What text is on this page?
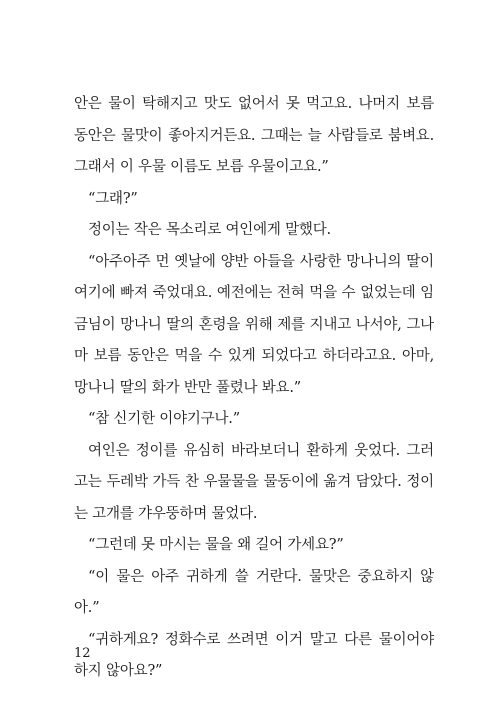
안은 물이 탁해지고 맛도 없어서 못 먹고요. 나머지 보름 동안은 물맛이 좋아지거든요. 그때는 늘 사람들로 붐벼요. 그래서 이 우물 이름도 보름 우물이고요.”

“그래?”

정이는 작은 목소리로 여인에게 말했다.

“아주아주 먼 옛날에 양반 아들을 사랑한 망나니의 딸이 여기에 빠져 죽었대요. 예전에는 전혀 먹을 수 없었는데 임금님이 망나니 딸의 혼령을 위해 제를 지내고 나서야, 그나마 보름 동안은 먹을 수 있게 되었다고 하더라고요. 아마, 망나니 딸의 화가 반만 풀렸나 봐요.”

“참 신기한 이야기구나.”

여인은 정이를 유심히 바라보더니 환하게 웃었다. 그러고는 두레박 가득 찬 우물물을 물동이에 옮겨 담았다. 정이는 고개를 갸우뚱하며 물었다.

“그런데 못 마시는 물을 왜 길어 가세요?”

“이 물은 아주 귀하게 쓸 거란다. 물맛은 중요하지 않아.”

“귀하게요? 정화수로 쓰려면 이거 말고 다른 물이어야 하지 않아요?”

12
